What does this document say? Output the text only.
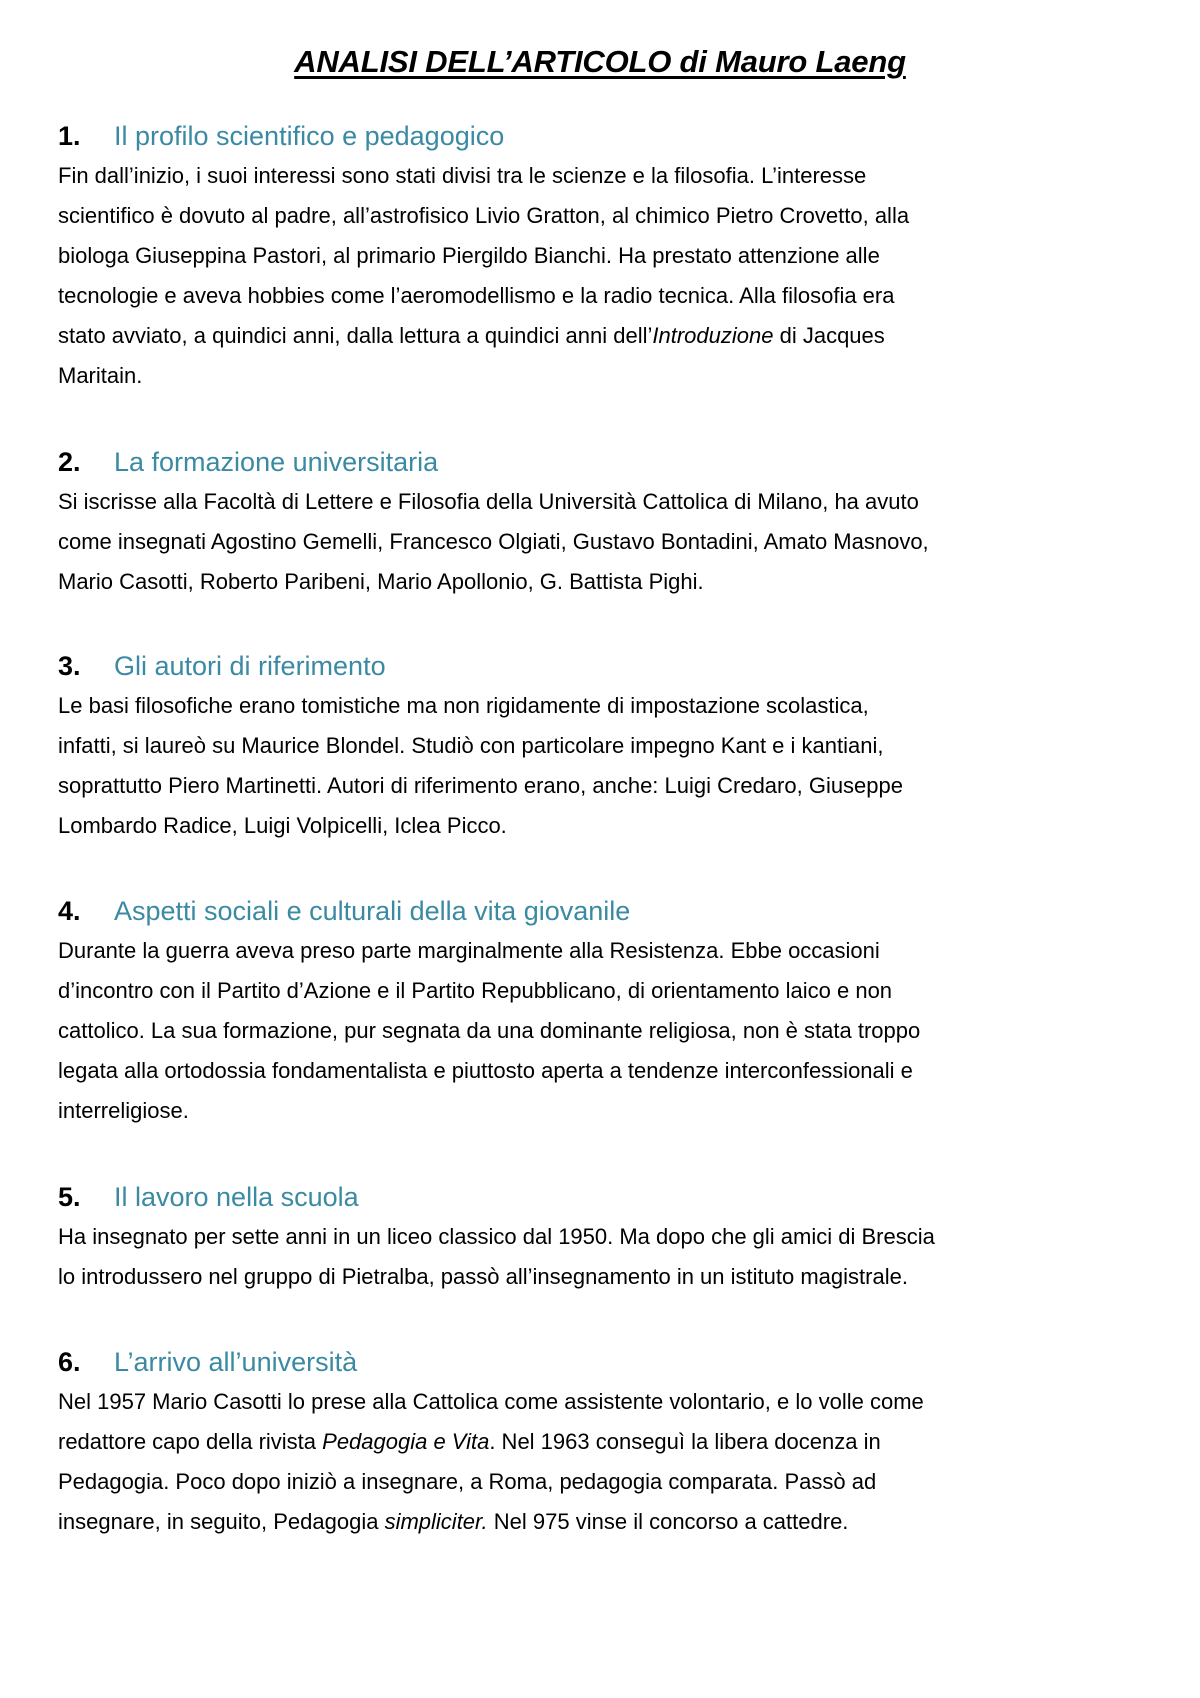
ANALISI DELL’ARTICOLO di Mauro Laeng
1. Il profilo scientifico e pedagogico
Fin dall’inizio, i suoi interessi sono stati divisi tra le scienze e la filosofia. L’interesse
scientifico è dovuto al padre, all’astrofisico Livio Gratton, al chimico Pietro Crovetto, alla
biologa Giuseppina Pastori, al primario Piergildo Bianchi. Ha prestato attenzione alle
tecnologie e aveva hobbies come l’aeromodellismo e la radio tecnica. Alla filosofia era
stato avviato, a quindici anni, dalla lettura a quindici anni dell’Introduzione di Jacques
Maritain.
2. La formazione universitaria
Si iscrisse alla Facoltà di Lettere e Filosofia della Università Cattolica di Milano, ha avuto
come insegnati Agostino Gemelli, Francesco Olgiati, Gustavo Bontadini, Amato Masnovo,
Mario Casotti, Roberto Paribeni, Mario Apollonio, G. Battista Pighi.
3. Gli autori di riferimento
Le basi filosofiche erano tomistiche ma non rigidamente di impostazione scolastica,
infatti, si laureò su Maurice Blondel. Studiò con particolare impegno Kant e i kantiani,
soprattutto Piero Martinetti. Autori di riferimento erano, anche: Luigi Credaro, Giuseppe
Lombardo Radice, Luigi Volpicelli, Iclea Picco.
4. Aspetti sociali e culturali della vita giovanile
Durante la guerra aveva preso parte marginalmente alla Resistenza. Ebbe occasioni
d’incontro con il Partito d’Azione e il Partito Repubblicano, di orientamento laico e non
cattolico. La sua formazione, pur segnata da una dominante religiosa, non è stata troppo
legata alla ortodossia fondamentalista e piuttosto aperta a tendenze interconfessionali e
interreligiose.
5. Il lavoro nella scuola
Ha insegnato per sette anni in un liceo classico dal 1950. Ma dopo che gli amici di Brescia
lo introdussero nel gruppo di Pietralba, passò all’insegnamento in un istituto magistrale.
6. L’arrivo all’università
Nel 1957 Mario Casotti lo prese alla Cattolica come assistente volontario, e lo volle come
redattore capo della rivista Pedagogia e Vita. Nel 1963 conseguì la libera docenza in
Pedagogia. Poco dopo iniziò a insegnare, a Roma, pedagogia comparata. Passò ad
insegnare, in seguito, Pedagogia simpliciter. Nel 975 vinse il concorso a cattedre.
